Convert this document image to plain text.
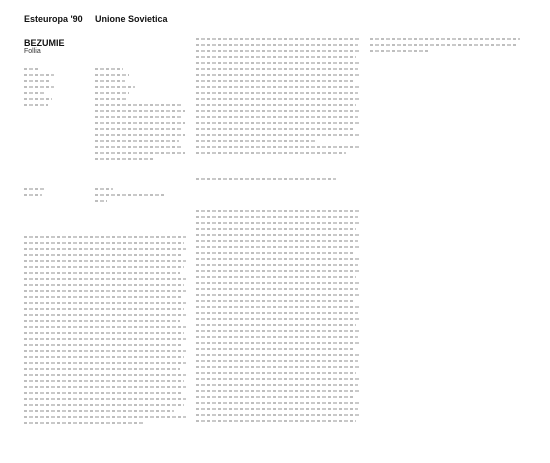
Esteuropa '90 Unione Sovietica
BEZUMIE
Follia
